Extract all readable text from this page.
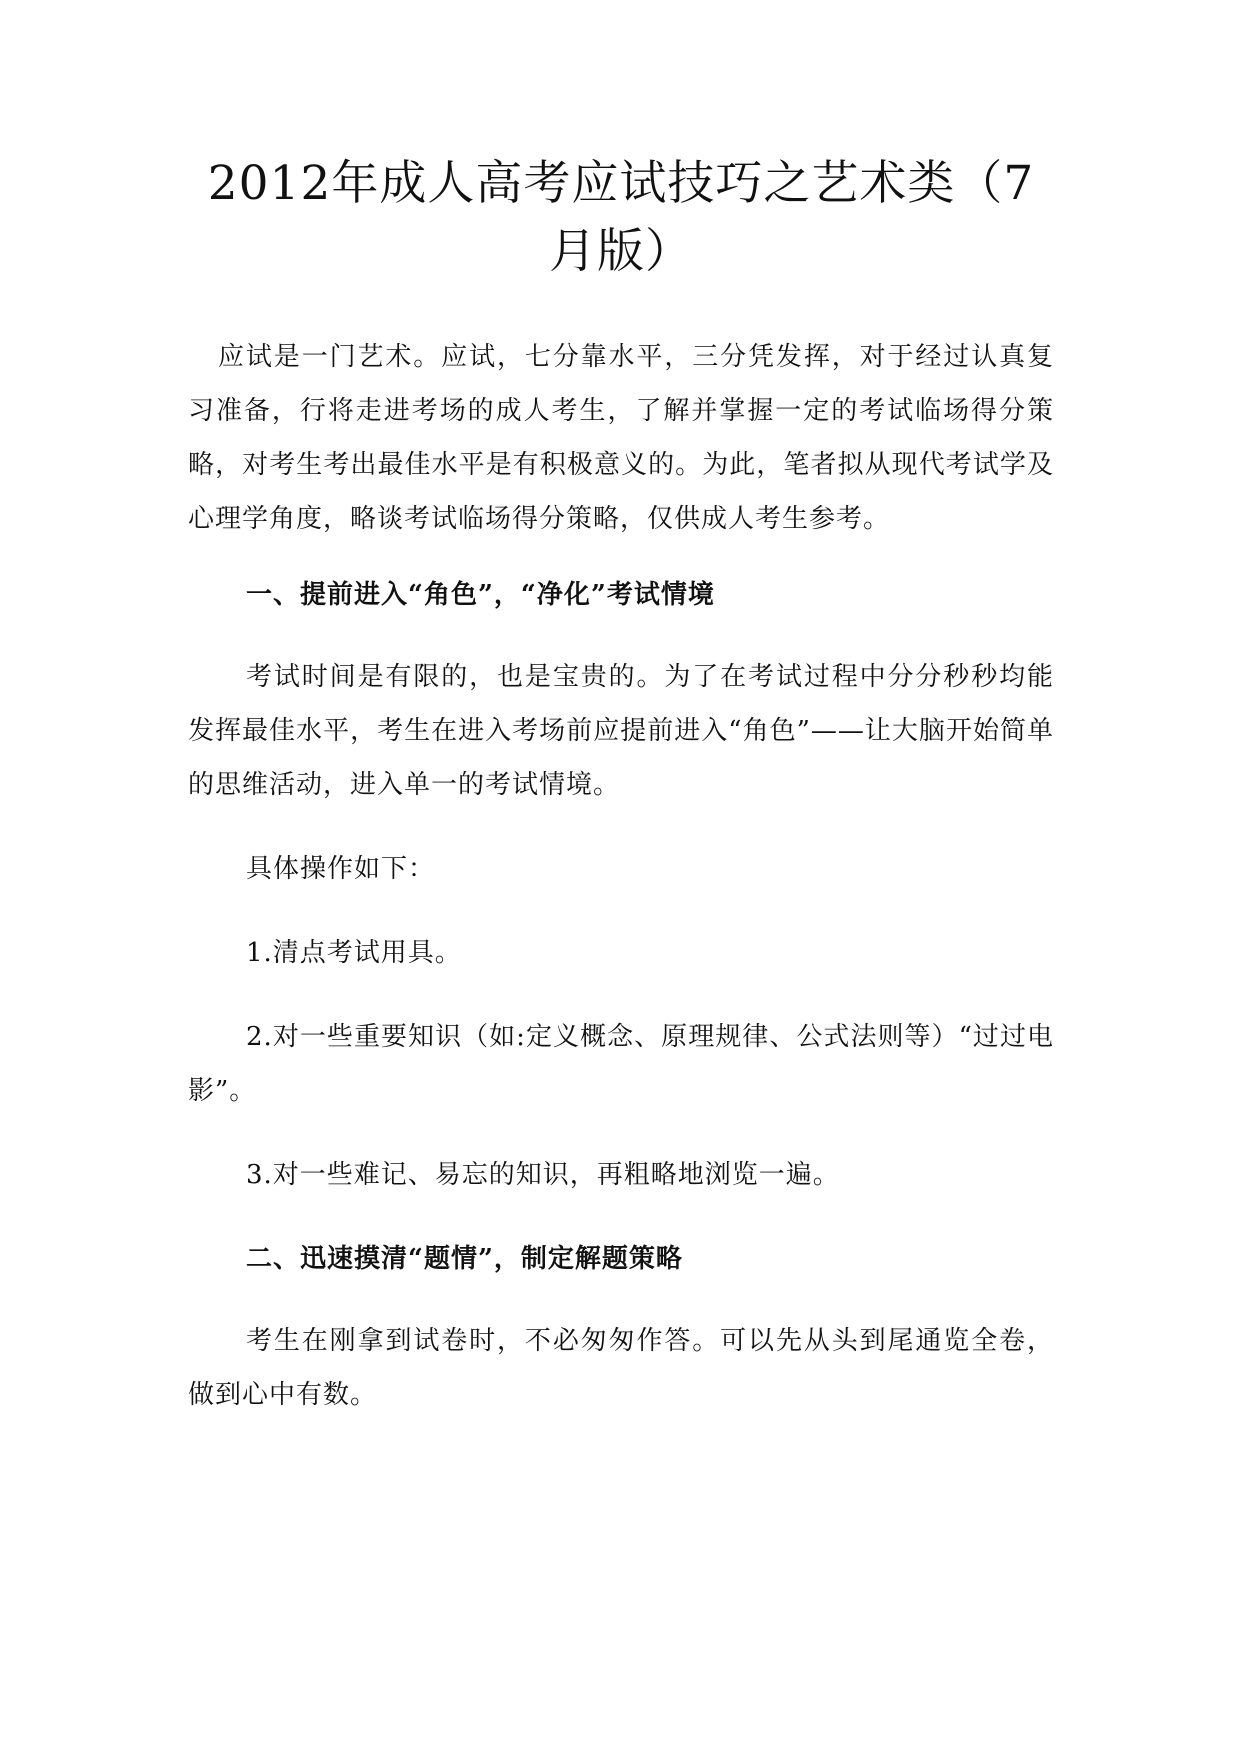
2012年成人高考应试技巧之艺术类（7月版）

应试是一门艺术。应试，七分靠水平，三分凭发挥，对于经过认真复习准备，行将走进考场的成人考生，了解并掌握一定的考试临场得分策略，对考生考出最佳水平是有积极意义的。为此，笔者拟从现代考试学及心理学角度，略谈考试临场得分策略，仅供成人考生参考。

一、提前进入“角色”，“净化”考试情境

考试时间是有限的，也是宝贵的。为了在考试过程中分分秒秒均能发挥最佳水平，考生在进入考场前应提前进入“角色”——让大脑开始简单的思维活动，进入单一的考试情境。

具体操作如下：

1.清点考试用具。

2.对一些重要知识（如:定义概念、原理规律、公式法则等）“过过电影”。

3.对一些难记、易忘的知识，再粗略地浏览一遍。

二、迅速摸清“题情”，制定解题策略

考生在刚拿到试卷时，不必匆匆作答。可以先从头到尾通览全卷，做到心中有数。
